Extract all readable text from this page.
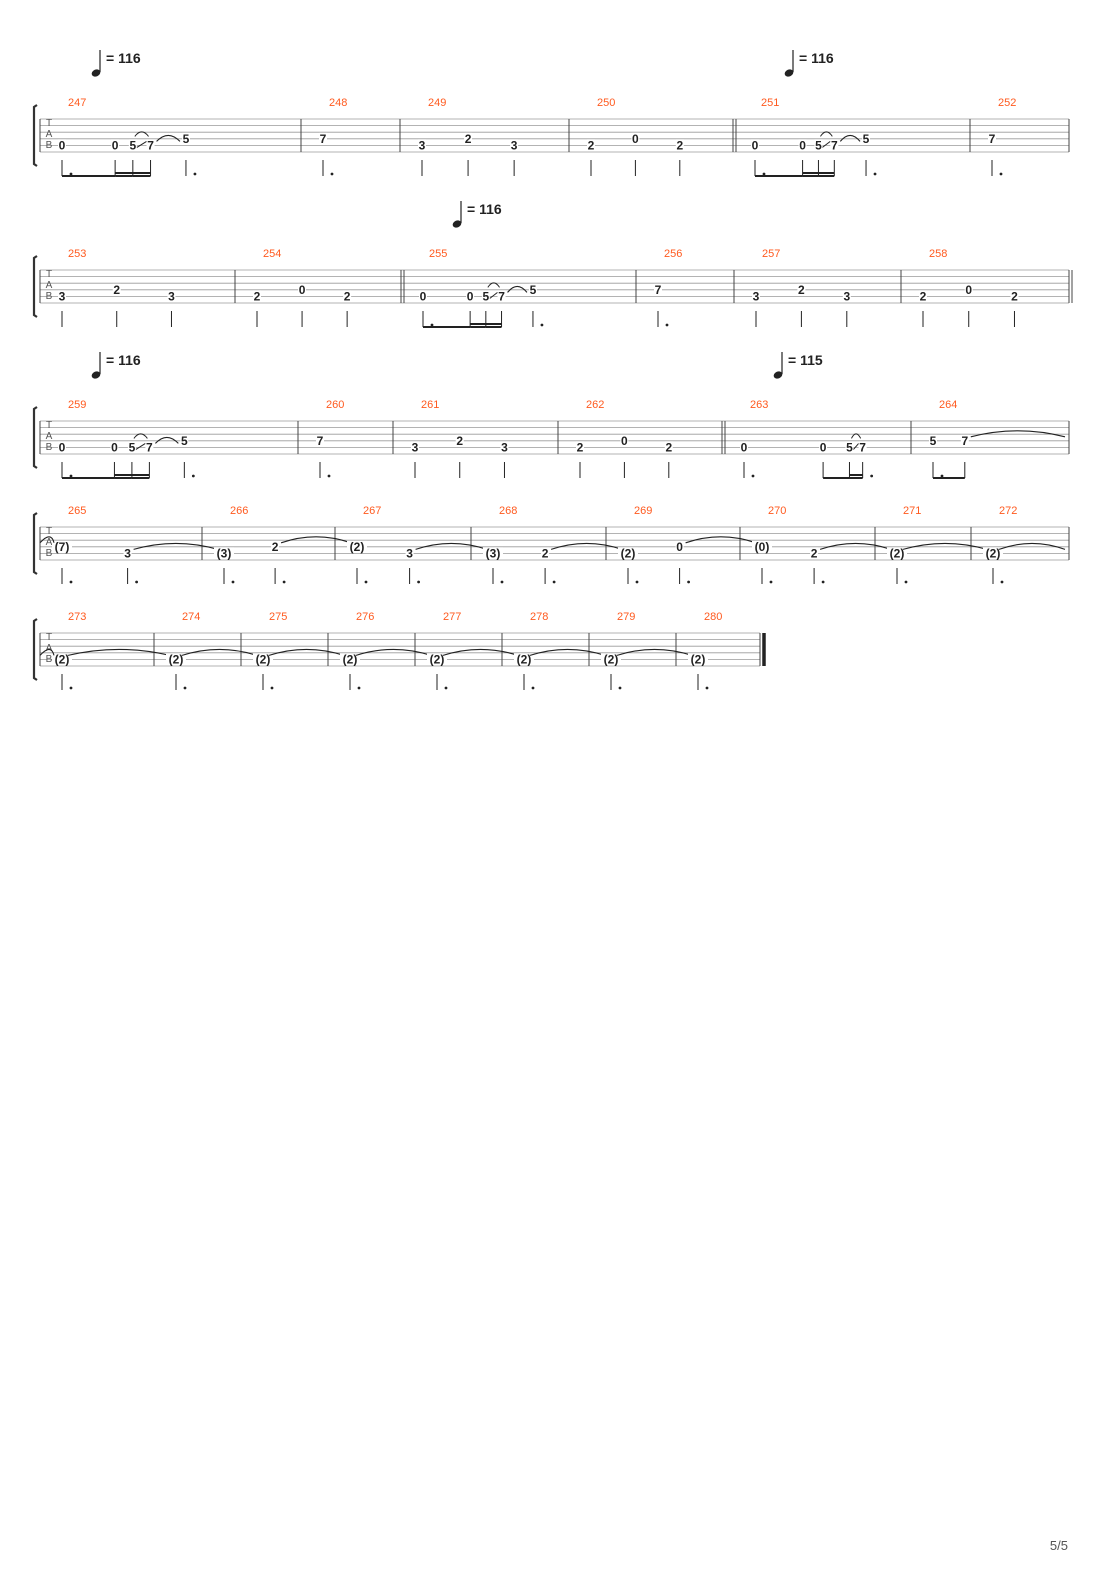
T
A
B
247
= 116
0	0 5 7 5
248
7
249
3	2	3
250
2	0	2
251
= 116
0	0 5 7 5
252
7
T
A
B
253
3	2	3
254
2	0	2
255
= 116
0	0 5 7 5
256
7
257
3	2	3
258
2	0	2
T
A
B
259
= 116
0	0 5 7 5
260
7
261
3	2	3
262
2	0	2
263
= 115
0	0 5 7
264
5 7
T
A
B
265
(7)	3
266
(3)	2
267
(2)	3
268
(3)	2
269
(2)	0
270
(0)	2
271
(2)
272
(2)
T
A
B
273
(2)
274
(2)
275
(2)
276
(2)
277
(2)
278
(2)
279
(2)
280
(2)
5/5
